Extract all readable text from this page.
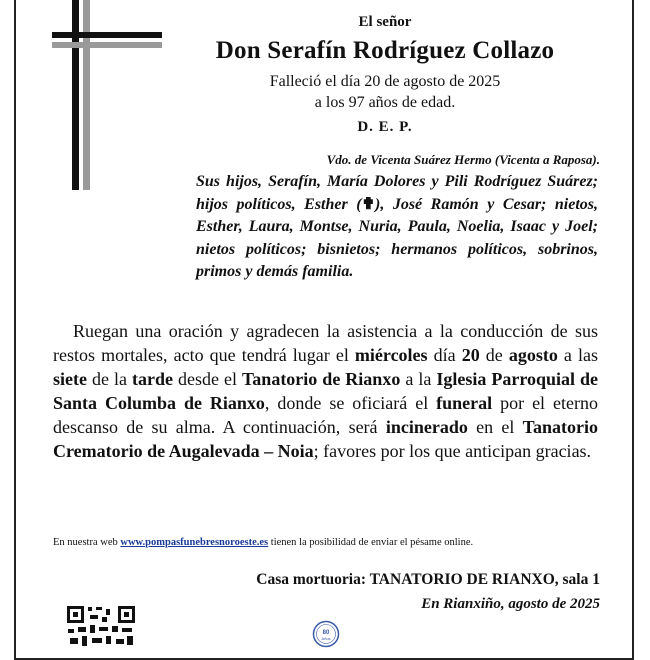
El señor

Don Serafín Rodríguez Collazo

Falleció el día 20 de agosto de 2025

a los 97 años de edad.

D. E. P.

Vdo. de Vicenta Suárez Hermo (Vicenta a Raposa).
Sus hijos, Serafín, María Dolores y Pili Rodríguez Suárez; hijos políticos, Esther (✟), José Ramón y Cesar; nietos, Esther, Laura, Montse, Nuria, Paula, Noelia, Isaac y Joel; nietos políticos; bisnietos; hermanos políticos, sobrinos, primos y demás familia.

Ruegan una oración y agradecen la asistencia a la conducción de sus restos mortales, acto que tendrá lugar el miércoles día 20 de agosto a las siete de la tarde desde el Tanatorio de Rianxo a la Iglesia Parroquial de Santa Columba de Rianxo, donde se oficiará el funeral por el eterno descanso de su alma. A continuación, será incinerado en el Tanatorio Crematorio de Augalevada – Noia; favores por los que anticipan gracias.

En nuestra web www.pompasfunebresnoroeste.es tienen la posibilidad de enviar el pésame online.
Casa mortuoria: TANATORIO DE RIANXO, sala 1
En Rianxiño, agosto de 2025
80
Años
